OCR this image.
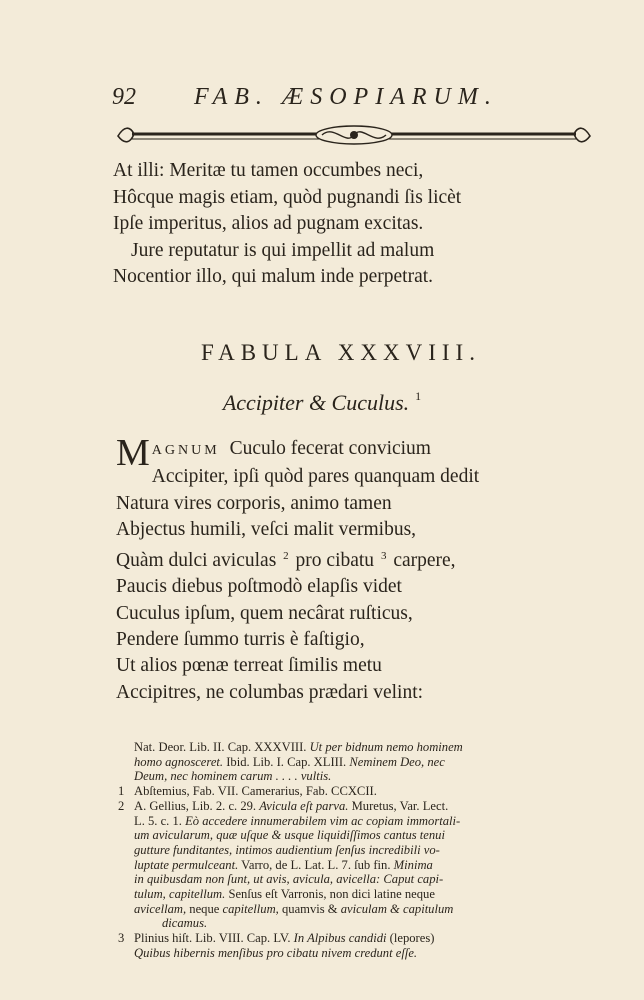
92 FAB. ÆSOPIARUM.
At illi: Meritæ tu tamen occumbes neci,
Hôcque magis etiam, quòd pugnandi ſis licèt
Ipſe imperitus, alios ad pugnam excitas.
Jure reputatur is qui impellit ad malum
Nocentior illo, qui malum inde perpetrat.
FABULA XXXVIII.
Accipiter & Cuculus. $^1$
M AGNUM Cuculo fecerat convicium
Accipiter, ipſi quòd pares quanquam dedit
Natura vires corporis, animo tamen
Abjectus humili, veſci malit vermibus,
Quàm dulci aviculas $^2$ pro cibatu $^3$ carpere,
Paucis diebus poſtmodò elapſis videt
Cuculus ipſum, quem necârat ruſticus,
Pendere ſummo turris è faſtigio,
Ut alios pœnæ terreat ſimilis metu
Accipitres, ne columbas prædari velint:
Nat. Deor. Lib. II. Cap. XXXVIII. Ut per bidnum nemo hominem
homo agnosceret. Ibid. Lib. I. Cap. XLIII. Neminem Deo, nec
Deum, nec hominem carum . . . . vultis.
1 Abſtemius, Fab. VII. Camerarius, Fab. CCXCII.
2 A. Gellius, Lib. 2. c. 29. Avicula eſt parva. Muretus, Var. Lect.
L. 5. c. 1. Eò accedere innumerabilem vim ac copiam immortali-
um avicularum, quæ uſque & usque liquidiſſimos cantus tenui
gutture funditantes, intimos audientium ſenſus incredibili vo-
luptate permulceant. Varro, de L. Lat. L. 7. ſub fin. Minima
in quibusdam non ſunt, ut avis, avicula, avicella: Caput capi-
tulum, capitellum. Senſus eſt Varronis, non dici latine neque
avicellam, neque capitellum, quamvis & aviculam & capitulum
dicamus.
3 Plinius hiſt. Lib. VIII. Cap. LV. In Alpibus candidi (lepores)
Quibus hibernis menſibus pro cibatu nivem credunt eſſe.
